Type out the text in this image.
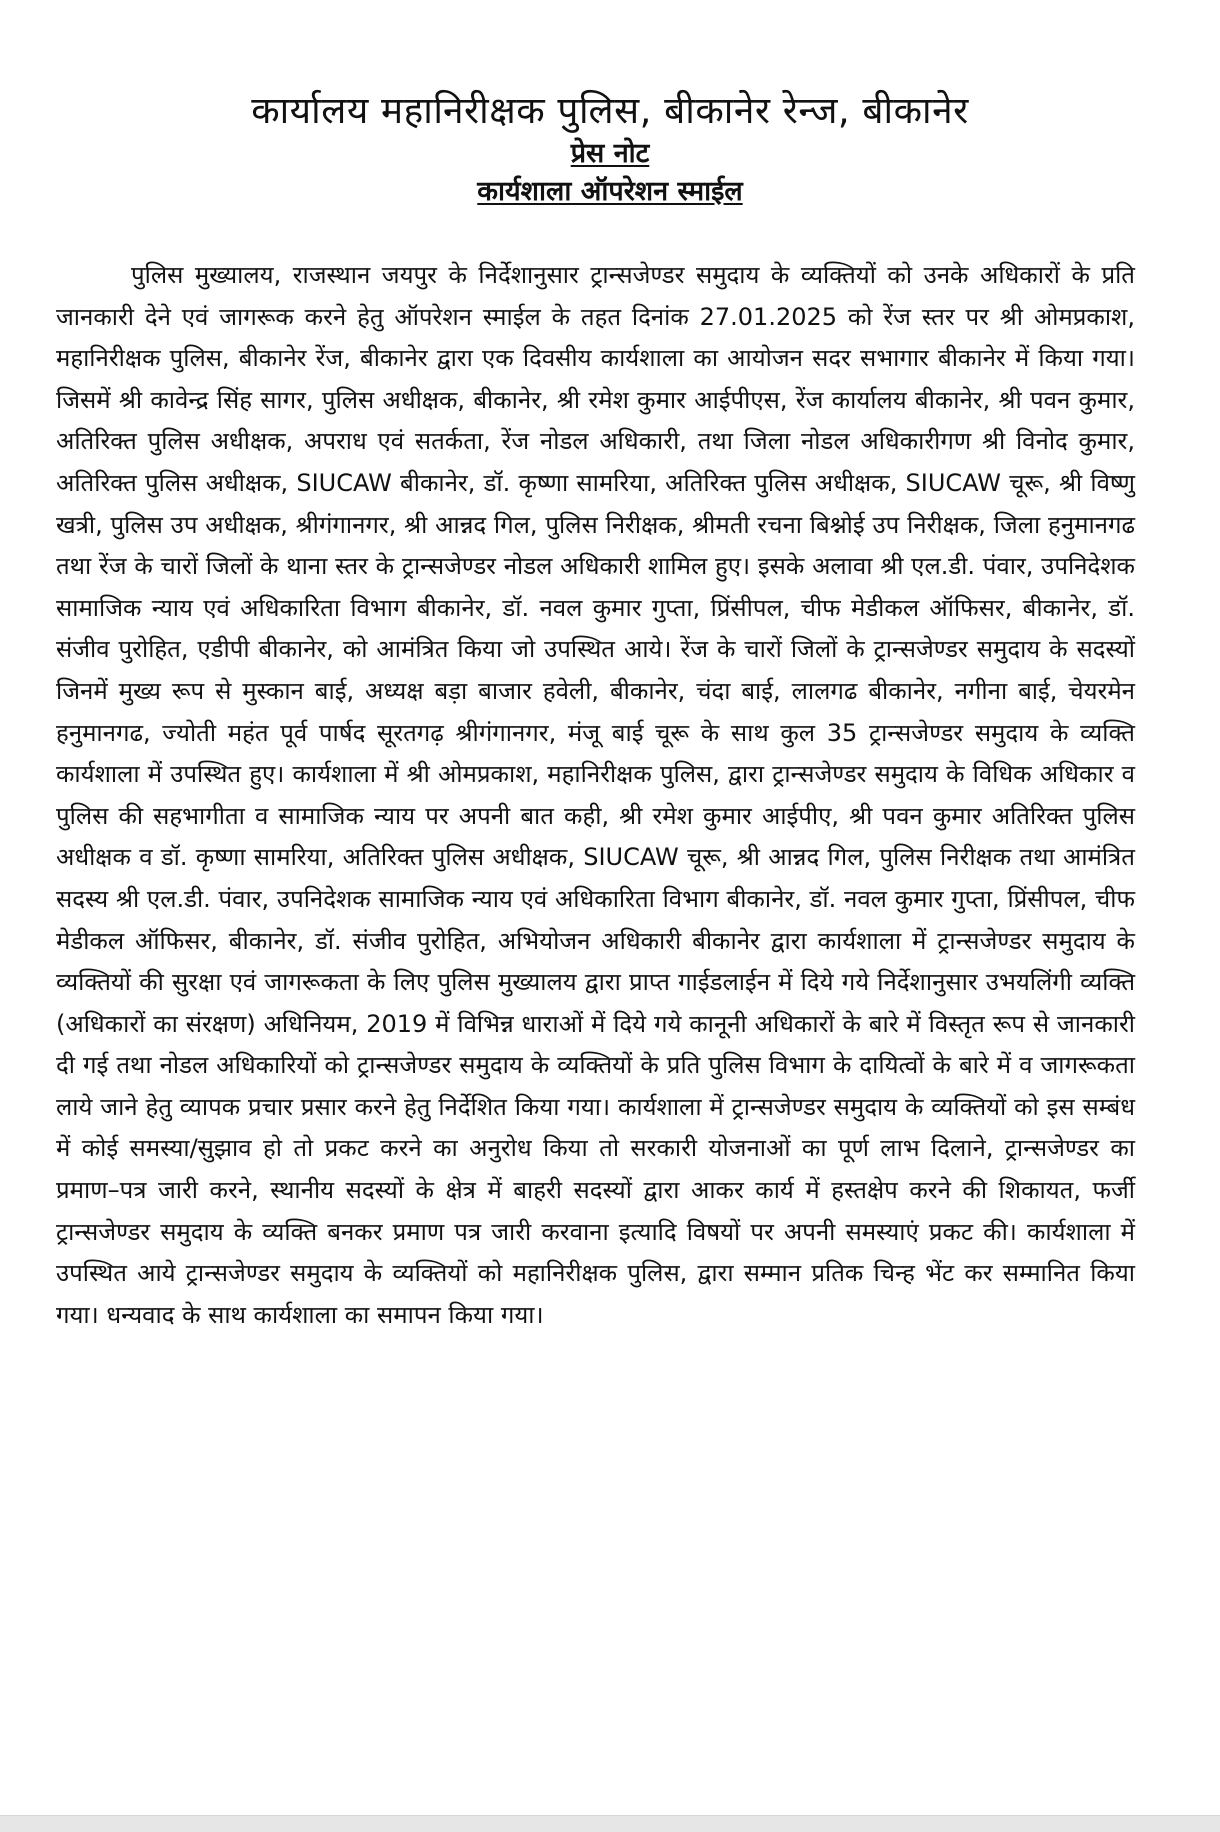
कार्यालय महानिरीक्षक पुलिस, बीकानेर रेन्ज, बीकानेर
प्रेस नोट
कार्यशाला ऑपरेशन स्माईल

पुलिस मुख्यालय, राजस्थान जयपुर के निर्देशानुसार ट्रान्सजेण्डर समुदाय के व्यक्तियों को उनके अधिकारों के प्रति जानकारी देने एवं जागरूक करने हेतु ऑपरेशन स्माईल के तहत दिनांक 27.01.2025 को रेंज स्तर पर श्री ओमप्रकाश, महानिरीक्षक पुलिस, बीकानेर रेंज, बीकानेर द्वारा एक दिवसीय कार्यशाला का आयोजन सदर सभागार बीकानेर में किया गया। जिसमें श्री कावेन्द्र सिंह सागर, पुलिस अधीक्षक, बीकानेर, श्री रमेश कुमार आईपीएस, रेंज कार्यालय बीकानेर, श्री पवन कुमार, अतिरिक्त पुलिस अधीक्षक, अपराध एवं सतर्कता, रेंज नोडल अधिकारी, तथा जिला नोडल अधिकारीगण श्री विनोद कुमार, अतिरिक्त पुलिस अधीक्षक, SIUCAW बीकानेर, डॉ. कृष्णा सामरिया, अतिरिक्त पुलिस अधीक्षक, SIUCAW चूरू, श्री विष्णु खत्री, पुलिस उप अधीक्षक, श्रीगंगानगर, श्री आन्नद गिल, पुलिस निरीक्षक, श्रीमती रचना बिश्नोई उप निरीक्षक, जिला हनुमानगढ तथा रेंज के चारों जिलों के थाना स्तर के ट्रान्सजेण्डर नोडल अधिकारी शामिल हुए। इसके अलावा श्री एल.डी. पंवार, उपनिदेशक सामाजिक न्याय एवं अधिकारिता विभाग बीकानेर, डॉ. नवल कुमार गुप्ता, प्रिंसीपल, चीफ मेडीकल ऑफिसर, बीकानेर, डॉ. संजीव पुरोहित, एडीपी बीकानेर, को आमंत्रित किया जो उपस्थित आये। रेंज के चारों जिलों के ट्रान्सजेण्डर समुदाय के सदस्यों जिनमें मुख्य रूप से मुस्कान बाई, अध्यक्ष बड़ा बाजार हवेली, बीकानेर, चंदा बाई, लालगढ बीकानेर, नगीना बाई, चेयरमेन हनुमानगढ, ज्योती महंत पूर्व पार्षद सूरतगढ़ श्रीगंगानगर, मंजू बाई चूरू के साथ कुल 35 ट्रान्सजेण्डर समुदाय के व्यक्ति कार्यशाला में उपस्थित हुए। कार्यशाला में श्री ओमप्रकाश, महानिरीक्षक पुलिस, द्वारा ट्रान्सजेण्डर समुदाय के विधिक अधिकार व पुलिस की सहभागीता व सामाजिक न्याय पर अपनी बात कही, श्री रमेश कुमार आईपीए, श्री पवन कुमार अतिरिक्त पुलिस अधीक्षक व डॉ. कृष्णा सामरिया, अतिरिक्त पुलिस अधीक्षक, SIUCAW चूरू, श्री आन्नद गिल, पुलिस निरीक्षक तथा आमंत्रित सदस्य श्री एल.डी. पंवार, उपनिदेशक सामाजिक न्याय एवं अधिकारिता विभाग बीकानेर, डॉ. नवल कुमार गुप्ता, प्रिंसीपल, चीफ मेडीकल ऑफिसर, बीकानेर, डॉ. संजीव पुरोहित, अभियोजन अधिकारी बीकानेर द्वारा कार्यशाला में ट्रान्सजेण्डर समुदाय के व्यक्तियों की सुरक्षा एवं जागरूकता के लिए पुलिस मुख्यालय द्वारा प्राप्त गाईडलाईन में दिये गये निर्देशानुसार उभयलिंगी व्यक्ति (अधिकारों का संरक्षण) अधिनियम, 2019 में विभिन्न धाराओं में दिये गये कानूनी अधिकारों के बारे में विस्तृत रूप से जानकारी दी गई तथा नोडल अधिकारियों को ट्रान्सजेण्डर समुदाय के व्यक्तियों के प्रति पुलिस विभाग के दायित्वों के बारे में व जागरूकता लाये जाने हेतु व्यापक प्रचार प्रसार करने हेतु निर्देशित किया गया। कार्यशाला में ट्रान्सजेण्डर समुदाय के व्यक्तियों को इस सम्बंध में कोई समस्या/सुझाव हो तो प्रकट करने का अनुरोध किया तो सरकारी योजनाओं का पूर्ण लाभ दिलाने, ट्रान्सजेण्डर का प्रमाण–पत्र जारी करने, स्थानीय सदस्यों के क्षेत्र में बाहरी सदस्यों द्वारा आकर कार्य में हस्तक्षेप करने की शिकायत, फर्जी ट्रान्सजेण्डर समुदाय के व्यक्ति बनकर प्रमाण पत्र जारी करवाना इत्यादि विषयों पर अपनी समस्याएं प्रकट की। कार्यशाला में उपस्थित आये ट्रान्सजेण्डर समुदाय के व्यक्तियों को महानिरीक्षक पुलिस, द्वारा सम्मान प्रतिक चिन्ह भेंट कर सम्मानित किया गया। धन्यवाद के साथ कार्यशाला का समापन किया गया।
